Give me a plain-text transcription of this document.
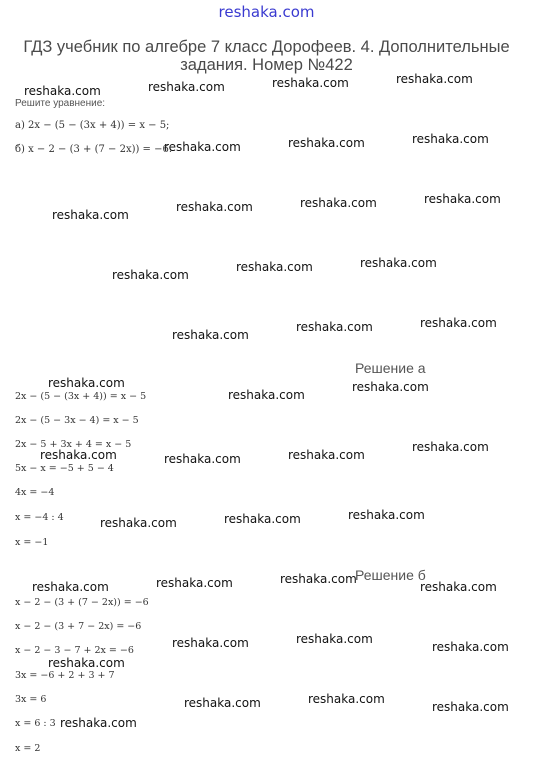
reshaka.com
ГДЗ учебник по алгебре 7 класс Дорофеев. 4. Дополнительные задания. Номер №422
Решите уравнение:
а) 2x − (5 − (3x + 4)) = x − 5;
б) x − 2 − (3 + (7 − 2x)) = −6.
Решение а
2x − (5 − (3x + 4)) = x − 5
2x − (5 − 3x − 4) = x − 5
2x − 5 + 3x + 4 = x − 5
5x − x = −5 + 5 − 4
4x = −4
x = −4 : 4
x = −1
Решение б
x − 2 − (3 + (7 − 2x)) = −6
x − 2 − (3 + 7 − 2x) = −6
x − 2 − 3 − 7 + 2x = −6
3x = −6 + 2 + 3 + 7
3x = 6
x = 6 : 3
x = 2
reshaka.com	reshaka.com	reshaka.com
reshaka.com
reshaka.com	reshaka.com	reshaka.com
reshaka.com
reshaka.com	reshaka.com	reshaka.com
reshaka.com
reshaka.com	reshaka.com
reshaka.com
reshaka.com	reshaka.com
reshaka.com
reshaka.com
reshaka.com
reshaka.com	reshaka.com	reshaka.com
reshaka.com
reshaka.com	reshaka.com	reshaka.com
reshaka.com	reshaka.com	reshaka.com
reshaka.com
reshaka.com	reshaka.com
reshaka.com
reshaka.com
reshaka.com	reshaka.com
reshaka.com
reshaka.com
